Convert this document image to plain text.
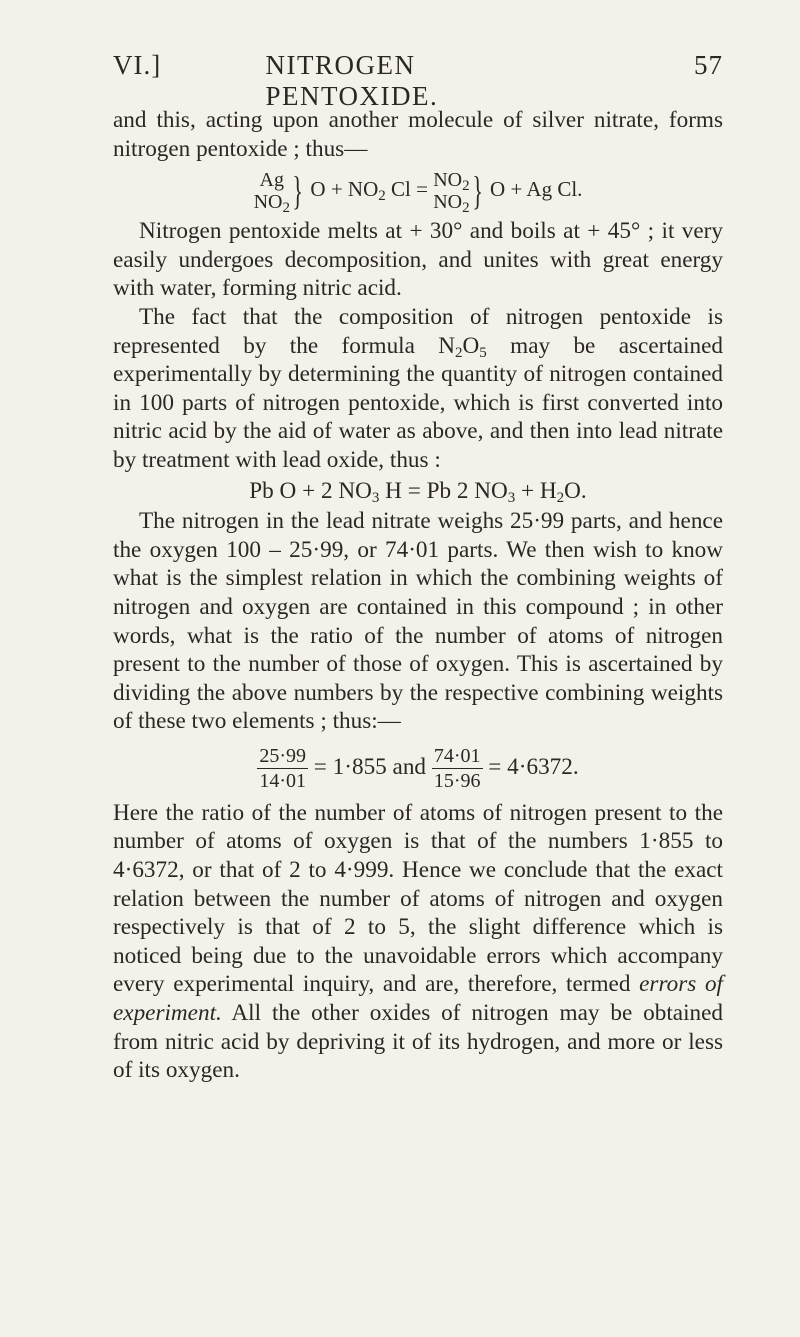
VI.]	NITROGEN PENTOXIDE.
57

and this, acting upon another molecule of silver nitrate, forms nitrogen pentoxide ; thus—

Ag
$NO_2$ } $O + NO_2$ $Cl = NO_2$
$NO_2$ } O + Ag Cl.

Nitrogen pentoxide melts at + 30° and boils at + 45° ; it very easily undergoes decomposition, and unites with great energy with water, forming nitric acid.

The fact that the composition of nitrogen pentoxide is represented by the formula $N_2O_5$ may be ascertained experimentally by determining the quantity of nitrogen contained in 100 parts of nitrogen pentoxide, which is first converted into nitric acid by the aid of water as above, and then into lead nitrate by treatment with lead oxide, thus :

Pb O + 2 $NO_3$ H = Pb 2 $NO_3 + H_2O$.

The nitrogen in the lead nitrate weighs 25·99 parts, and hence the oxygen 100 – 25·99, or 74·01 parts. We then wish to know what is the simplest relation in which the combining weights of nitrogen and oxygen are contained in this compound ; in other words, what is the ratio of the number of atoms of nitrogen present to the number of those of oxygen. This is ascertained by dividing the above numbers by the respective combining weights of these two elements ; thus:—

$\frac{25\cdot 99}{14\cdot 01} = 1\cdot 855$ and $\frac{74\cdot 01}{15\cdot 96} = 4\cdot 6372$.

Here the ratio of the number of atoms of nitrogen present to the number of atoms of oxygen is that of the numbers 1·855 to 4·6372, or that of 2 to 4·999. Hence we conclude that the exact relation between the number of atoms of nitrogen and oxygen respectively is that of 2 to 5, the slight difference which is noticed being due to the unavoidable errors which accompany every experimental inquiry, and are, therefore, termed errors of experiment. All the other oxides of nitrogen may be obtained from nitric acid by depriving it of its hydrogen, and more or less of its oxygen.
